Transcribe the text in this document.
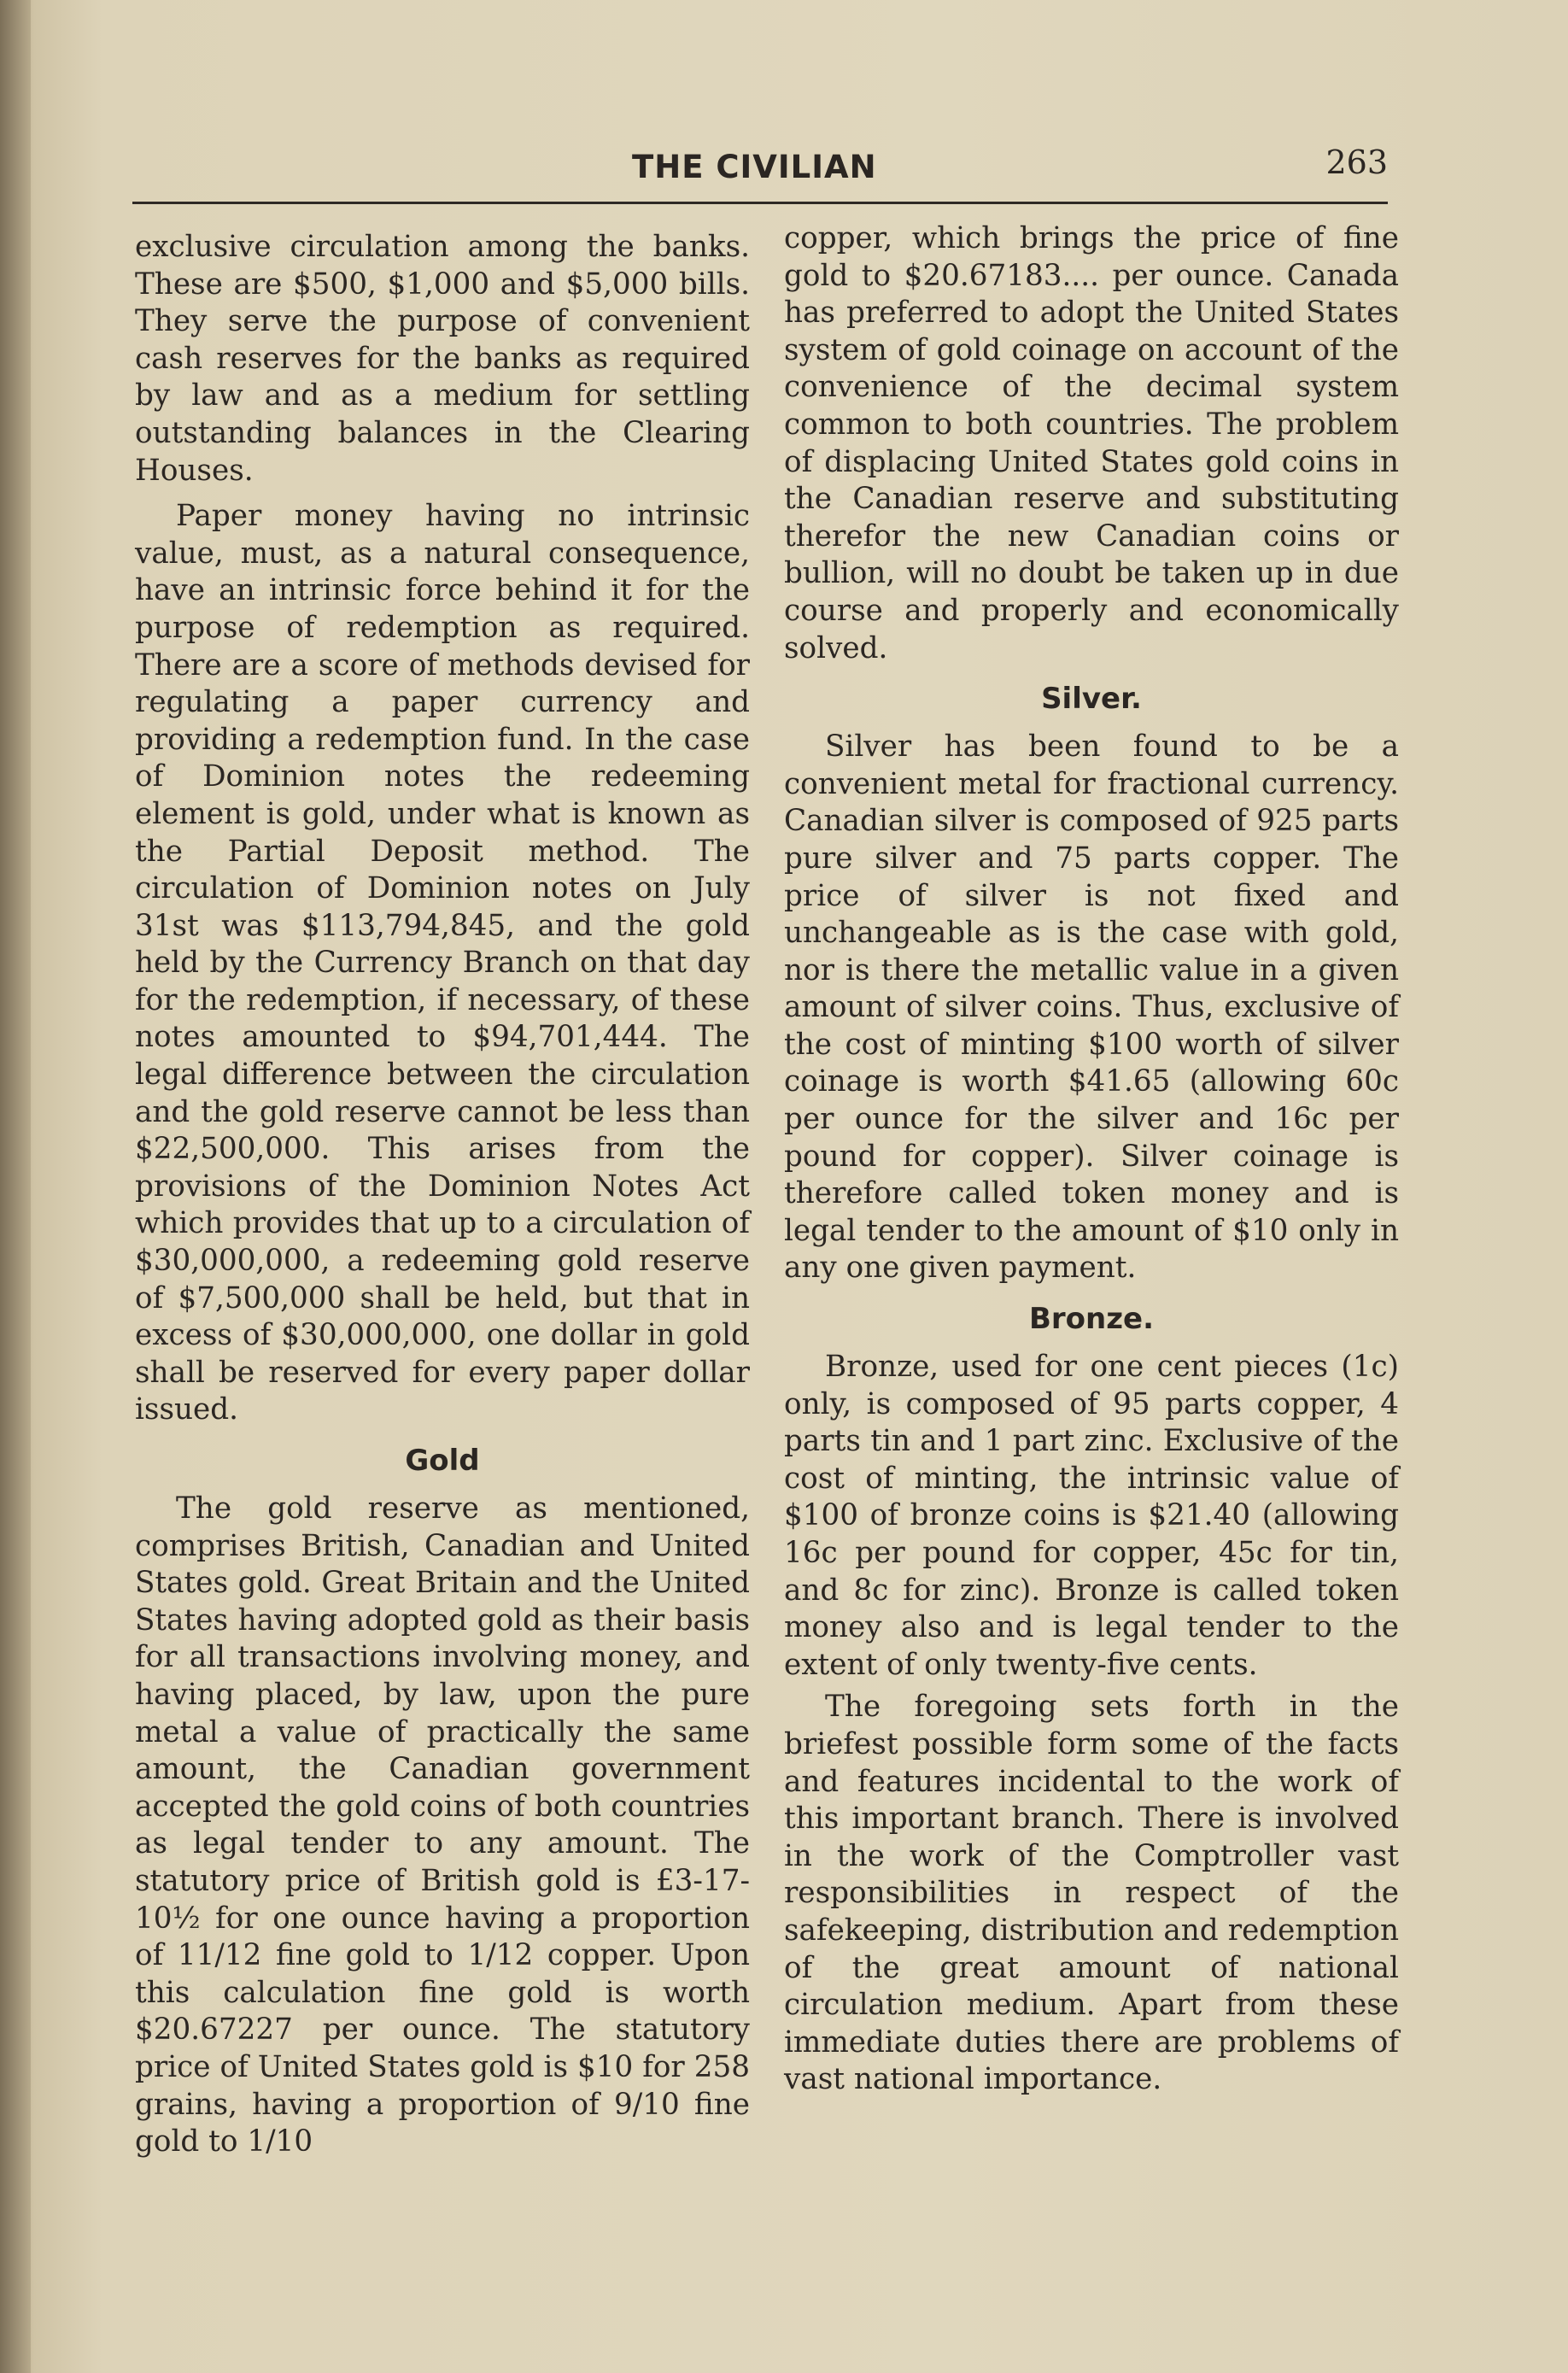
THE CIVILIAN	263

exclusive circulation among the banks. These are $500, $1,000 and $5,000 bills. They serve the purpose of convenient cash reserves for the banks as required by law and as a medium for settling outstanding balances in the Clearing Houses.

Paper money having no intrinsic value, must, as a natural consequence, have an intrinsic force behind it for the purpose of redemption as required. There are a score of methods devised for regulating a paper currency and providing a redemption fund. In the case of Dominion notes the redeeming element is gold, under what is known as the Partial Deposit method. The circulation of Dominion notes on July 31st was $113,794,845, and the gold held by the Currency Branch on that day for the redemption, if necessary, of these notes amounted to $94,701,444. The legal difference between the circulation and the gold reserve cannot be less than $22,500,000. This arises from the provisions of the Dominion Notes Act which provides that up to a circulation of $30,000,000, a redeeming gold reserve of $7,500,000 shall be held, but that in excess of $30,000,000, one dollar in gold shall be reserved for every paper dollar issued.

Gold

The gold reserve as mentioned, comprises British, Canadian and United States gold. Great Britain and the United States having adopted gold as their basis for all transactions involving money, and having placed, by law, upon the pure metal a value of practically the same amount, the Canadian government accepted the gold coins of both countries as legal tender to any amount. The statutory price of British gold is £3-17-10½ for one ounce having a proportion of 11/12 fine gold to 1/12 copper. Upon this calculation fine gold is worth $20.67227 per ounce. The statutory price of United States gold is $10 for 258 grains, having a proportion of 9/10 fine gold to 1/10

copper, which brings the price of fine gold to $20.67183.... per ounce. Canada has preferred to adopt the United States system of gold coinage on account of the convenience of the decimal system common to both countries. The problem of displacing United States gold coins in the Canadian reserve and substituting therefor the new Canadian coins or bullion, will no doubt be taken up in due course and properly and economically solved.

Silver.

Silver has been found to be a convenient metal for fractional currency. Canadian silver is composed of 925 parts pure silver and 75 parts copper. The price of silver is not fixed and unchangeable as is the case with gold, nor is there the metallic value in a given amount of silver coins. Thus, exclusive of the cost of minting $100 worth of silver coinage is worth $41.65 (allowing 60c per ounce for the silver and 16c per pound for copper). Silver coinage is therefore called token money and is legal tender to the amount of $10 only in any one given payment.

Bronze.

Bronze, used for one cent pieces (1c) only, is composed of 95 parts copper, 4 parts tin and 1 part zinc. Exclusive of the cost of minting, the intrinsic value of $100 of bronze coins is $21.40 (allowing 16c per pound for copper, 45c for tin, and 8c for zinc). Bronze is called token money also and is legal tender to the extent of only twenty-five cents.

The foregoing sets forth in the briefest possible form some of the facts and features incidental to the work of this important branch. There is involved in the work of the Comptroller vast responsibilities in respect of the safekeeping, distribution and redemption of the great amount of national circulation medium. Apart from these immediate duties there are problems of vast national importance.
